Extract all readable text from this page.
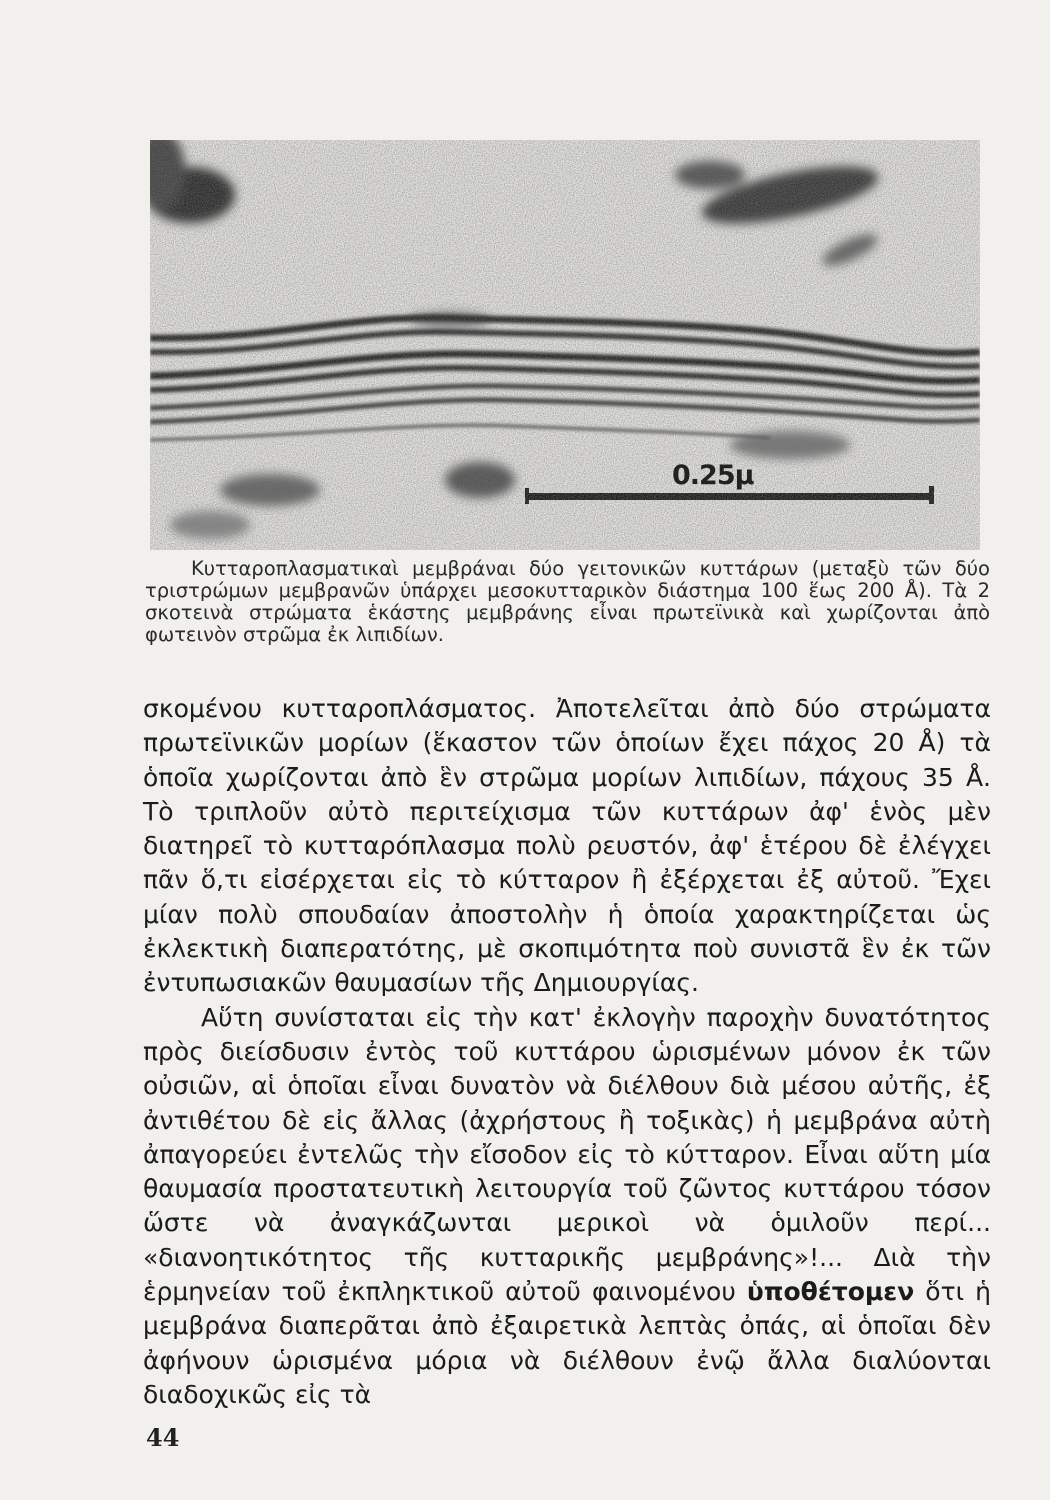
0.25µ

Κυτταροπλασματικαὶ μεμβράναι δύο γειτονικῶν κυττάρων (μεταξὺ τῶν δύο τριστρώμων μεμβρανῶν ὑπάρχει μεσοκυτταρικὸν διάστημα 100 ἕως 200 Å). Τὰ 2 σκοτεινὰ στρώματα ἑκάστης μεμβράνης εἶναι πρωτεϊνικὰ καὶ χωρίζονται ἀπὸ φωτεινὸν στρῶμα ἐκ λιπιδίων.

σκομένου κυτταροπλάσματος. Ἀποτελεῖται ἀπὸ δύο στρώματα πρωτεϊνικῶν μορίων (ἕκαστον τῶν ὁποίων ἔχει πάχος 20 Å) τὰ ὁποῖα χωρίζονται ἀπὸ ἓν στρῶμα μορίων λιπιδίων, πάχους 35 Å. Τὸ τριπλοῦν αὐτὸ περιτείχισμα τῶν κυττάρων ἀφ' ἑνὸς μὲν διατηρεῖ τὸ κυτταρόπλασμα πολὺ ρευστόν, ἀφ' ἑτέρου δὲ ἐλέγχει πᾶν ὅ,τι εἰσέρχεται εἰς τὸ κύτταρον ἢ ἐξέρχεται ἐξ αὐτοῦ. Ἔχει μίαν πολὺ σπουδαίαν ἀποστολὴν ἡ ὁποία χαρακτηρίζεται ὡς ἐκλεκτικὴ διαπερατότης, μὲ σκοπιμότητα ποὺ συνιστᾶ ἓν ἐκ τῶν ἐντυπωσιακῶν θαυμασίων τῆς Δημιουργίας.

Αὕτη συνίσταται εἰς τὴν κατ' ἐκλογὴν παροχὴν δυνατότητος πρὸς διείσδυσιν ἐντὸς τοῦ κυττάρου ὡρισμένων μόνον ἐκ τῶν οὐσιῶν, αἱ ὁποῖαι εἶναι δυνατὸν νὰ διέλθουν διὰ μέσου αὐτῆς, ἐξ ἀντιθέτου δὲ εἰς ἄλλας (ἀχρήστους ἢ τοξικὰς) ἡ μεμβράνα αὐτὴ ἀπαγορεύει ἐντελῶς τὴν εἴσοδον εἰς τὸ κύτταρον. Εἶναι αὕτη μία θαυμασία προστατευτικὴ λειτουργία τοῦ ζῶντος κυττάρου τόσον ὥστε νὰ ἀναγκάζωνται μερικοὶ νὰ ὁμιλοῦν περί... «διανοητικότητος τῆς κυτταρικῆς μεμβράνης»!... Διὰ τὴν ἑρμηνείαν τοῦ ἐκπληκτικοῦ αὐτοῦ φαινομένου ὑποθέτομεν ὅτι ἡ μεμβράνα διαπερᾶται ἀπὸ ἐξαιρετικὰ λεπτὰς ὀπάς, αἱ ὁποῖαι δὲν ἀφήνουν ὡρισμένα μόρια νὰ διέλθουν ἐνῷ ἄλλα διαλύονται διαδοχικῶς εἰς τὰ

44
